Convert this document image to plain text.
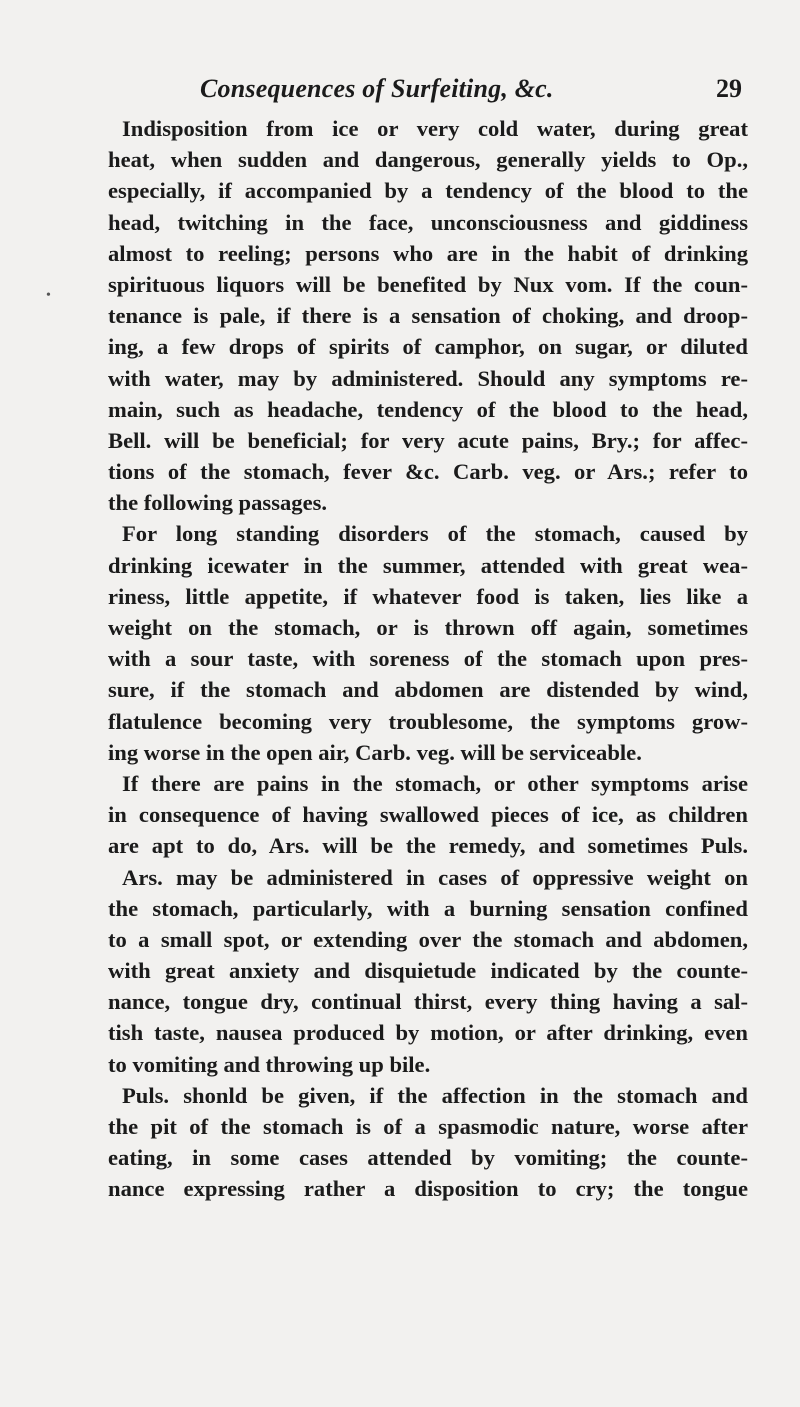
Consequences of Surfeiting, &c.	29
Indisposition from ice or very cold water, during great
heat, when sudden and dangerous, generally yields to Op.,
especially, if accompanied by a tendency of the blood to the
head, twitching in the face, unconsciousness and giddiness
almost to reeling; persons who are in the habit of drinking
spirituous liquors will be benefited by Nux vom. If the coun-
tenance is pale, if there is a sensation of choking, and droop-
ing, a few drops of spirits of camphor, on sugar, or diluted
with water, may by administered. Should any symptoms re-
main, such as headache, tendency of the blood to the head,
Bell. will be beneficial; for very acute pains, Bry.; for affec-
tions of the stomach, fever &c. Carb. veg. or Ars.; refer to
the following passages.
For long standing disorders of the stomach, caused by
drinking icewater in the summer, attended with great wea-
riness, little appetite, if whatever food is taken, lies like a
weight on the stomach, or is thrown off again, sometimes
with a sour taste, with soreness of the stomach upon pres-
sure, if the stomach and abdomen are distended by wind,
flatulence becoming very troublesome, the symptoms grow-
ing worse in the open air, Carb. veg. will be serviceable.
If there are pains in the stomach, or other symptoms arise
in consequence of having swallowed pieces of ice, as children
are apt to do, Ars. will be the remedy, and sometimes Puls.
Ars. may be administered in cases of oppressive weight on
the stomach, particularly, with a burning sensation confined
to a small spot, or extending over the stomach and abdomen,
with great anxiety and disquietude indicated by the counte-
nance, tongue dry, continual thirst, every thing having a sal-
tish taste, nausea produced by motion, or after drinking, even
to vomiting and throwing up bile.
Puls. shonld be given, if the affection in the stomach and
the pit of the stomach is of a spasmodic nature, worse after
eating, in some cases attended by vomiting; the counte-
nance expressing rather a disposition to cry; the tongue
•
